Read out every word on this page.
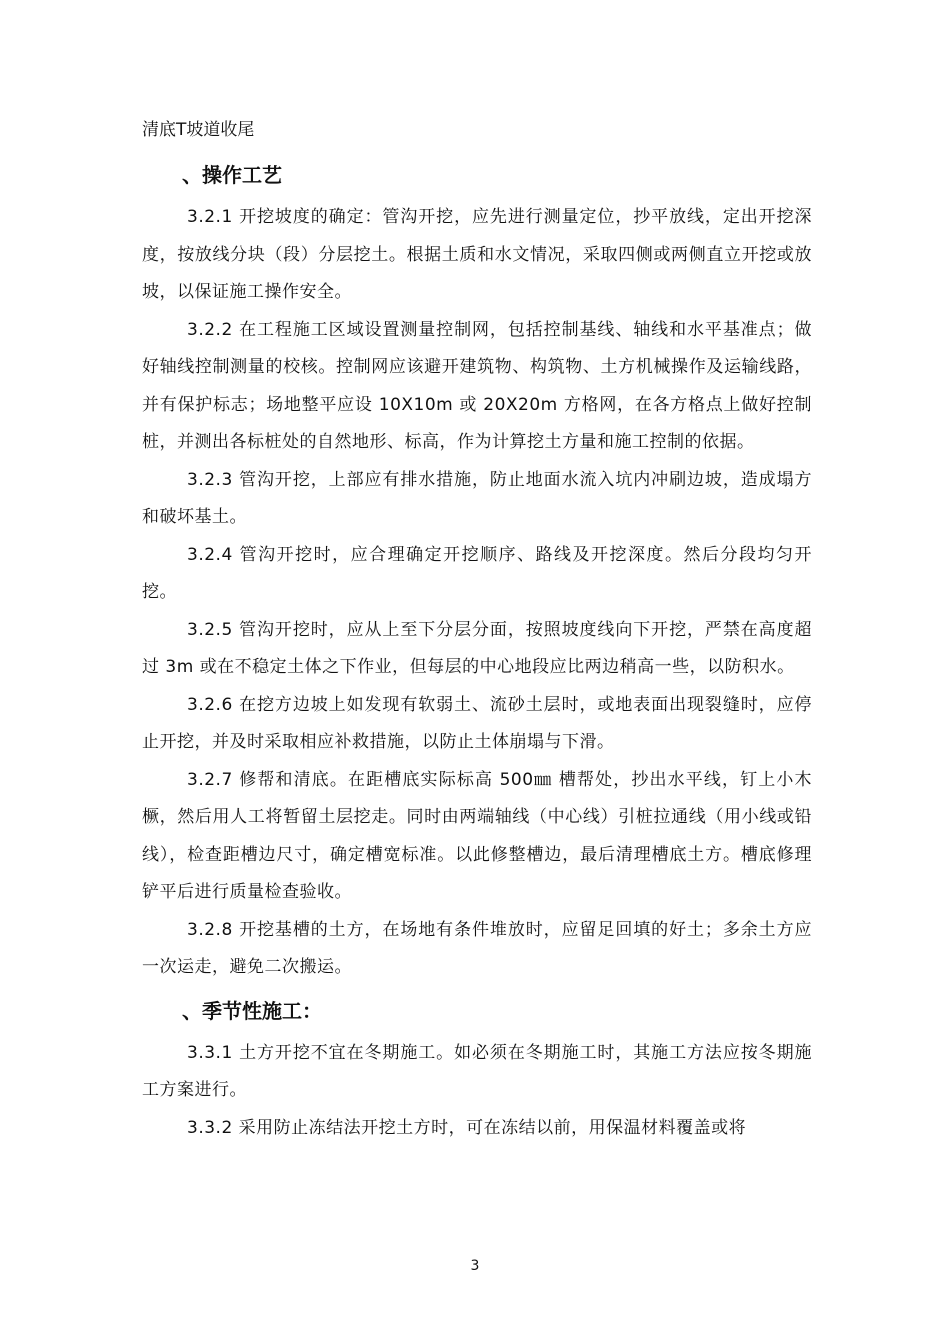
清底T坡道收尾

、操作工艺

3.2.1 开挖坡度的确定：管沟开挖，应先进行测量定位，抄平放线，定出开挖深度，按放线分块（段）分层挖土。根据土质和水文情况，采取四侧或两侧直立开挖或放坡，以保证施工操作安全。

3.2.2 在工程施工区域设置测量控制网，包括控制基线、轴线和水平基准点；做好轴线控制测量的校核。控制网应该避开建筑物、构筑物、土方机械操作及运输线路，并有保护标志；场地整平应设 10X10m 或 20X20m 方格网，在各方格点上做好控制桩，并测出各标桩处的自然地形、标高，作为计算挖土方量和施工控制的依据。

3.2.3 管沟开挖，上部应有排水措施，防止地面水流入坑内冲刷边坡，造成塌方和破坏基土。

3.2.4 管沟开挖时，应合理确定开挖顺序、路线及开挖深度。然后分段均匀开挖。

3.2.5 管沟开挖时，应从上至下分层分面，按照坡度线向下开挖，严禁在高度超过 3m 或在不稳定土体之下作业，但每层的中心地段应比两边稍高一些，以防积水。

3.2.6 在挖方边坡上如发现有软弱土、流砂土层时，或地表面出现裂缝时，应停止开挖，并及时采取相应补救措施，以防止土体崩塌与下滑。

3.2.7 修帮和清底。在距槽底实际标高 500㎜ 槽帮处，抄出水平线，钉上小木橛，然后用人工将暂留土层挖走。同时由两端轴线（中心线）引桩拉通线（用小线或铅线），检查距槽边尺寸，确定槽宽标准。以此修整槽边，最后清理槽底土方。槽底修理铲平后进行质量检查验收。

3.2.8 开挖基槽的土方，在场地有条件堆放时，应留足回填的好土；多余土方应一次运走，避免二次搬运。

、季节性施工：

3.3.1 土方开挖不宜在冬期施工。如必须在冬期施工时，其施工方法应按冬期施工方案进行。

3.3.2 采用防止冻结法开挖土方时，可在冻结以前，用保温材料覆盖或将

3
